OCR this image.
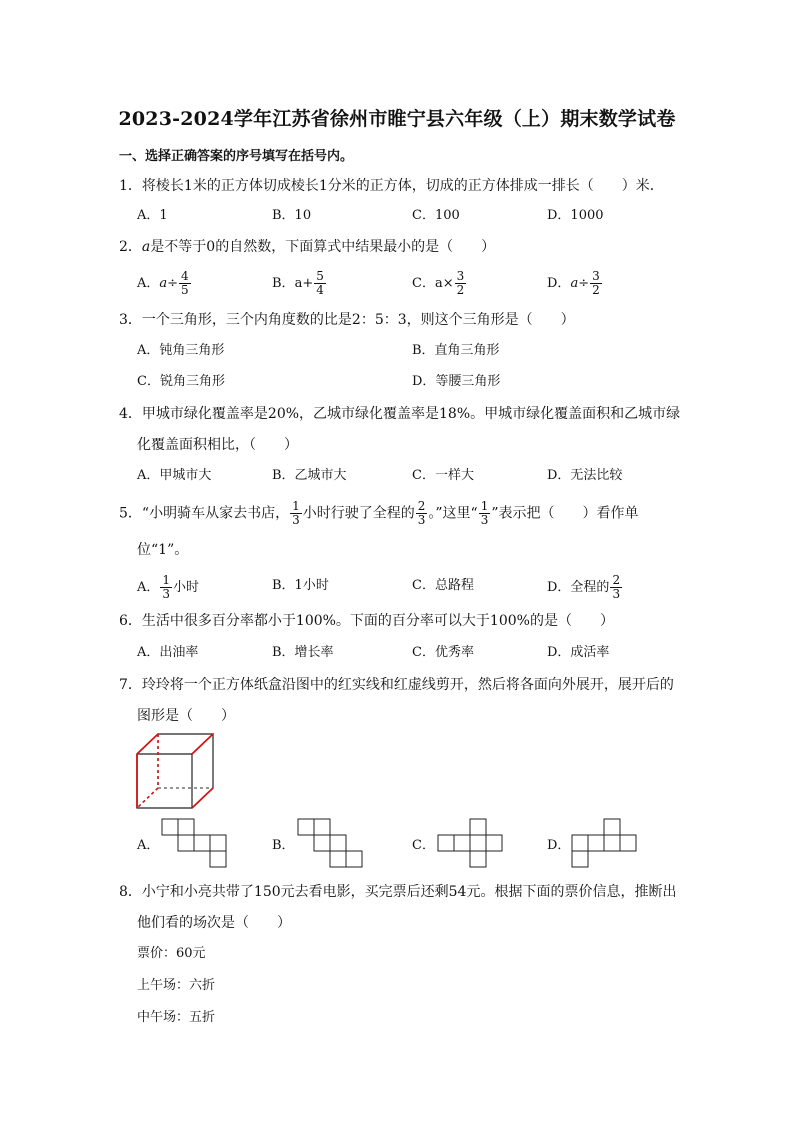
2023-2024学年江苏省徐州市睢宁县六年级（上）期末数学试卷
一、选择正确答案的序号填写在括号内。
1．将棱长1米的正方体切成棱长1分米的正方体，切成的正方体排成一排长（　　）米．
A．1	B．10	C．100	D．1000
2．a是不等于0的自然数，下面算式中结果最小的是（　　）
A．$a\div \frac{4}{5}$	B．$a+ \frac{5}{4}$	C．$a\times \frac{3}{2}$	D．$a\div \frac{3}{2}$
3．一个三角形，三个内角度数的比是2：5：3，则这个三角形是（　　）
A．钝角三角形	B．直角三角形
C．锐角三角形	D．等腰三角形
4．甲城市绿化覆盖率是20%，乙城市绿化覆盖率是18%。甲城市绿化覆盖面积和乙城市绿
化覆盖面积相比，（　　）
A．甲城市大	B．乙城市大	C．一样大	D．无法比较
5．“小明骑车从家去书店， $\frac{1}{3}$ 小时行驶了全程的 $\frac{2}{3}$ 。”这里“ $\frac{1}{3}$ ”表示把（　　）看作单
位“1”。
A． $\frac{1}{3}$ 小时	B．1小时	C．总路程	D．全程的 $\frac{2}{3}$
6．生活中很多百分率都小于100%。下面的百分率可以大于100%的是（　　）
A．出油率	B．增长率	C．优秀率	D．成活率
7．玲玲将一个正方体纸盒沿图中的红实线和红虚线剪开，然后将各面向外展开，展开后的
图形是（　　）
A．	B．	C．	D．
8．小宁和小亮共带了150元去看电影，买完票后还剩54元。根据下面的票价信息，推断出
他们看的场次是（　　）
票价：60元
上午场：六折
中午场：五折
